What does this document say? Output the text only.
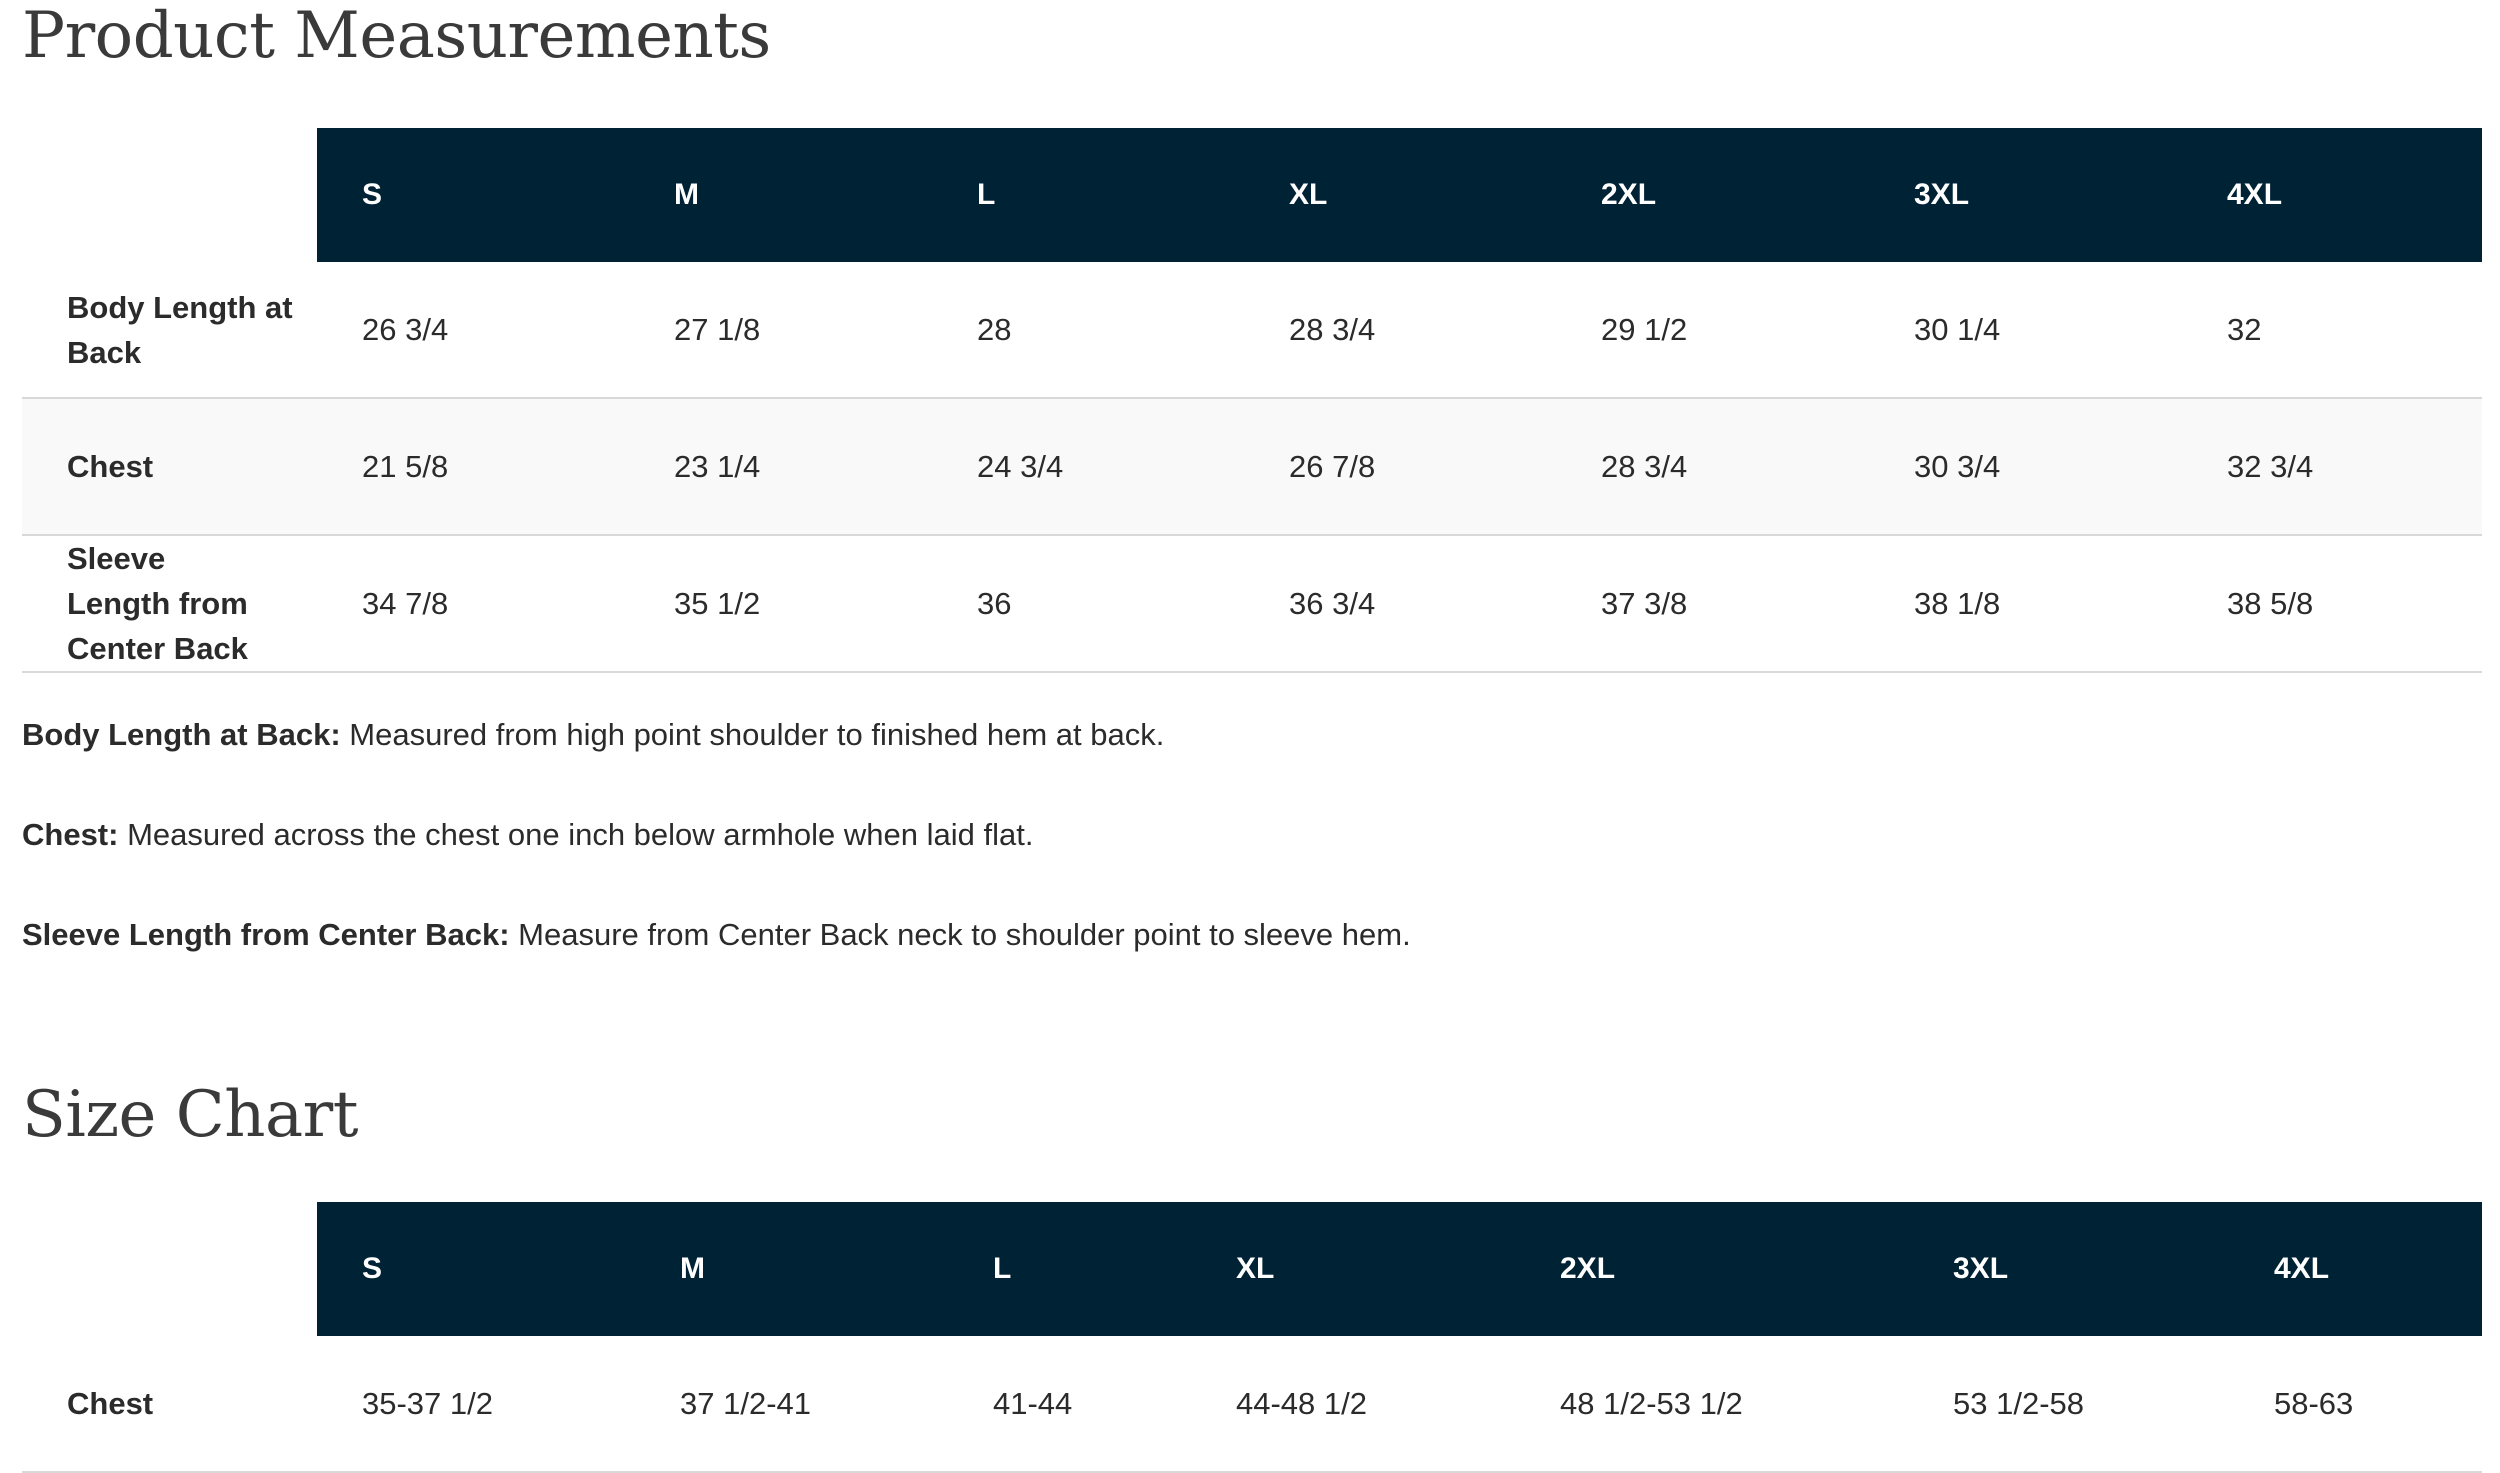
Product Measurements
	S	M	L	XL	2XL	3XL	4XL
Body Length at Back	26 3/4	27 1/8	28	28 3/4	29 1/2	30 1/4	32
Chest	21 5/8	23 1/4	24 3/4	26 7/8	28 3/4	30 3/4	32 3/4
Sleeve Length from Center Back	34 7/8	35 1/2	36	36 3/4	37 3/8	38 1/8	38 5/8

Body Length at Back: Measured from high point shoulder to finished hem at back.

Chest: Measured across the chest one inch below armhole when laid flat.

Sleeve Length from Center Back: Measure from Center Back neck to shoulder point to sleeve hem.

Size Chart
	S	M	L	XL	2XL	3XL	4XL
Chest	35-37 1/2	37 1/2-41	41-44	44-48 1/2	48 1/2-53 1/2	53 1/2-58	58-63
